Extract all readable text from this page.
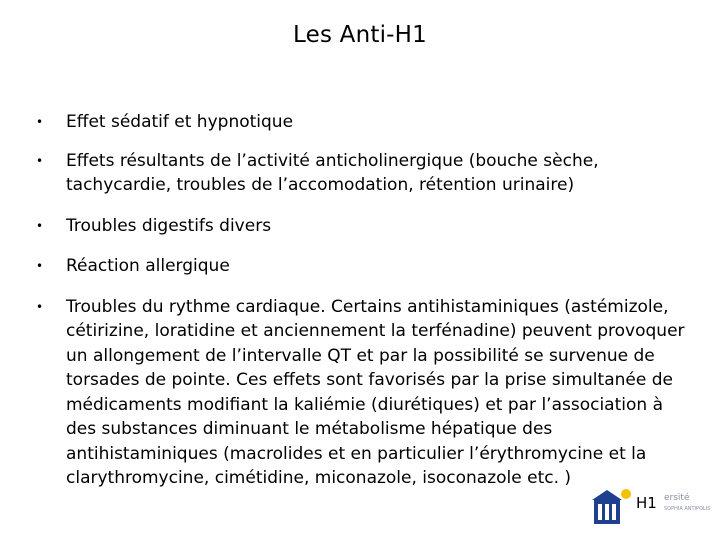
Les Anti-H1
• Effet sédatif et hypnotique
• Effets résultants de l’activité anticholinergique (bouche sèche, tachycardie, troubles de l’accomodation, rétention urinaire)
• Troubles digestifs divers
• Réaction allergique
• Troubles du rythme cardiaque. Certains antihistaminiques (astémizole, cétirizine, loratidine et anciennement la terfénadine) peuvent provoquer un allongement de l’intervalle QT et par la possibilité se survenue de torsades de pointe. Ces effets sont favorisés par la prise simultanée de médicaments modifiant la kaliémie (diurétiques) et par l’association à des substances diminuant le métabolisme hépatique des antihistaminiques (macrolides et en particulier l’érythromycine et la clarythromycine, cimétidine, miconazole, isoconazole etc. )
ersité
SOPHIA ANTIPOLIS
H1
